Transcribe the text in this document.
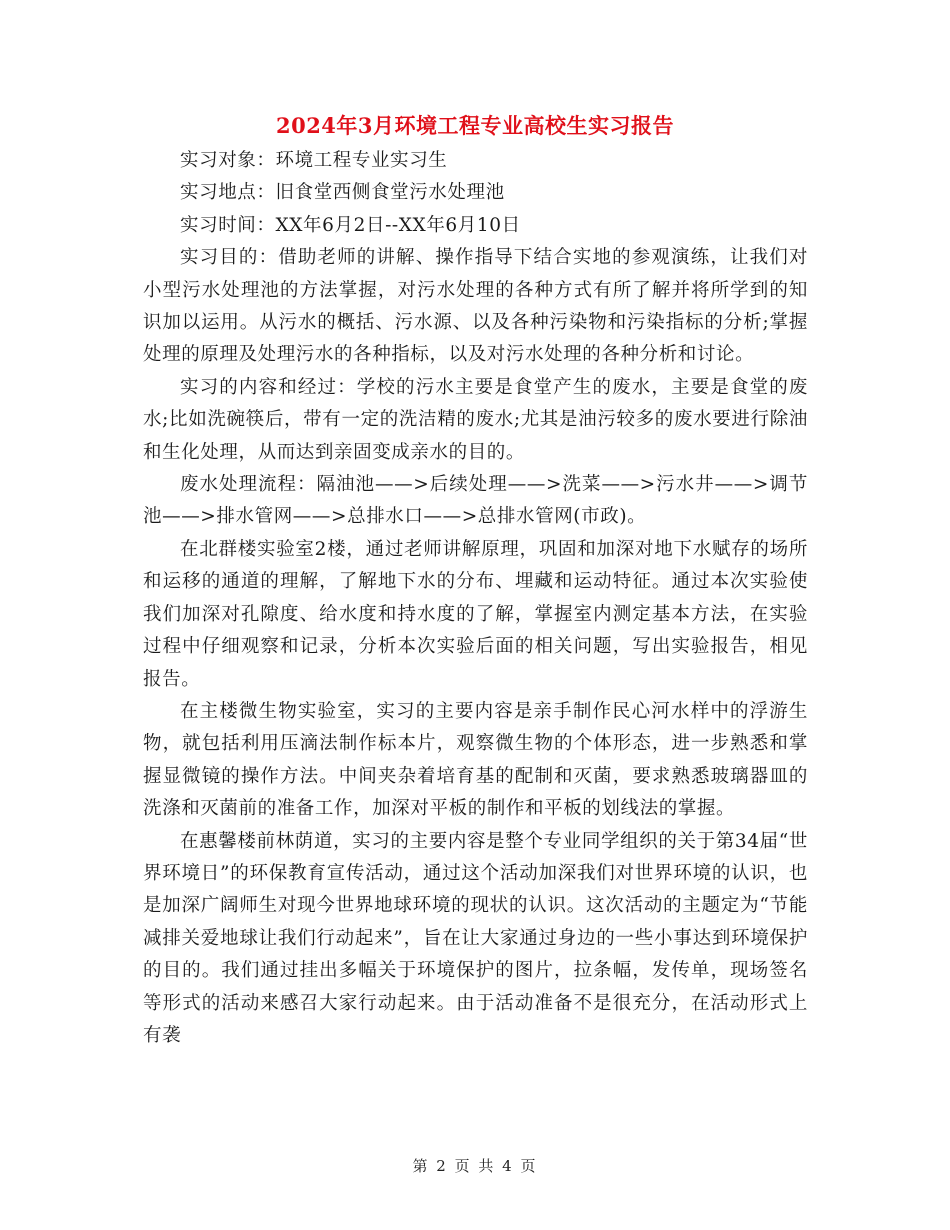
2024年3月环境工程专业高校生实习报告

实习对象：环境工程专业实习生

实习地点：旧食堂西侧食堂污水处理池

实习时间：XX年6月2日--XX年6月10日

实习目的：借助老师的讲解、操作指导下结合实地的参观演练，让我们对小型污水处理池的方法掌握，对污水处理的各种方式有所了解并将所学到的知识加以运用。从污水的概括、污水源、以及各种污染物和污染指标的分析;掌握处理的原理及处理污水的各种指标，以及对污水处理的各种分析和讨论。

实习的内容和经过：学校的污水主要是食堂产生的废水，主要是食堂的废水;比如洗碗筷后，带有一定的洗洁精的废水;尤其是油污较多的废水要进行除油和生化处理，从而达到亲固变成亲水的目的。

废水处理流程：隔油池——>后续处理——>洗菜——>污水井——>调节池——>排水管网——>总排水口——>总排水管网(市政)。

在北群楼实验室2楼，通过老师讲解原理，巩固和加深对地下水赋存的场所和运移的通道的理解，了解地下水的分布、埋藏和运动特征。通过本次实验使我们加深对孔隙度、给水度和持水度的了解，掌握室内测定基本方法，在实验过程中仔细观察和记录，分析本次实验后面的相关问题，写出实验报告，相见报告。

在主楼微生物实验室，实习的主要内容是亲手制作民心河水样中的浮游生物，就包括利用压滴法制作标本片，观察微生物的个体形态，进一步熟悉和掌握显微镜的操作方法。中间夹杂着培育基的配制和灭菌，要求熟悉玻璃器皿的洗涤和灭菌前的准备工作，加深对平板的制作和平板的划线法的掌握。

在惠馨楼前林荫道，实习的主要内容是整个专业同学组织的关于第34届“世界环境日”的环保教育宣传活动，通过这个活动加深我们对世界环境的认识，也是加深广阔师生对现今世界地球环境的现状的认识。这次活动的主题定为“节能减排关爱地球让我们行动起来”，旨在让大家通过身边的一些小事达到环境保护的目的。我们通过挂出多幅关于环境保护的图片，拉条幅，发传单，现场签名等形式的活动来感召大家行动起来。由于活动准备不是很充分，在活动形式上有袭

第 2 页 共 4 页
